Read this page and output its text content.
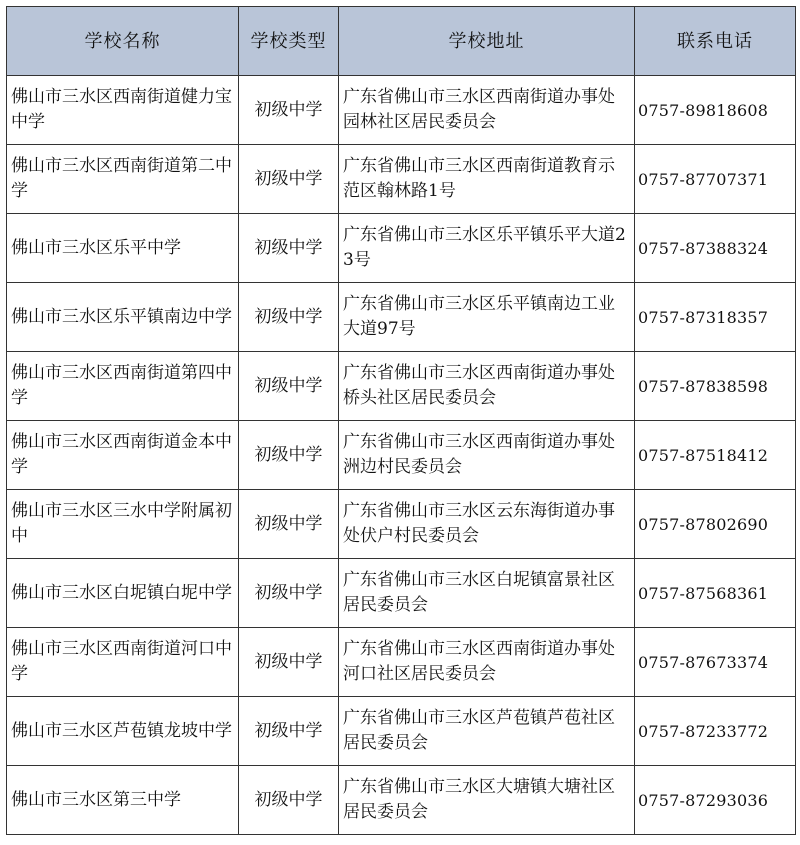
学校名称	学校类型	学校地址	联系电话
佛山市三水区西南街道健力宝中学	初级中学	广东省佛山市三水区西南街道办事处园林社区居民委员会	0757-89818608
佛山市三水区西南街道第二中学	初级中学	广东省佛山市三水区西南街道教育示范区翰林路1号	0757-87707371
佛山市三水区乐平中学	初级中学	广东省佛山市三水区乐平镇乐平大道23号	0757-87388324
佛山市三水区乐平镇南边中学	初级中学	广东省佛山市三水区乐平镇南边工业大道97号	0757-87318357
佛山市三水区西南街道第四中学	初级中学	广东省佛山市三水区西南街道办事处桥头社区居民委员会	0757-87838598
佛山市三水区西南街道金本中学	初级中学	广东省佛山市三水区西南街道办事处洲边村民委员会	0757-87518412
佛山市三水区三水中学附属初中	初级中学	广东省佛山市三水区云东海街道办事处伏户村民委员会	0757-87802690
佛山市三水区白坭镇白坭中学	初级中学	广东省佛山市三水区白坭镇富景社区居民委员会	0757-87568361
佛山市三水区西南街道河口中学	初级中学	广东省佛山市三水区西南街道办事处河口社区居民委员会	0757-87673374
佛山市三水区芦苞镇龙坡中学	初级中学	广东省佛山市三水区芦苞镇芦苞社区居民委员会	0757-87233772
佛山市三水区第三中学	初级中学	广东省佛山市三水区大塘镇大塘社区居民委员会	0757-87293036
